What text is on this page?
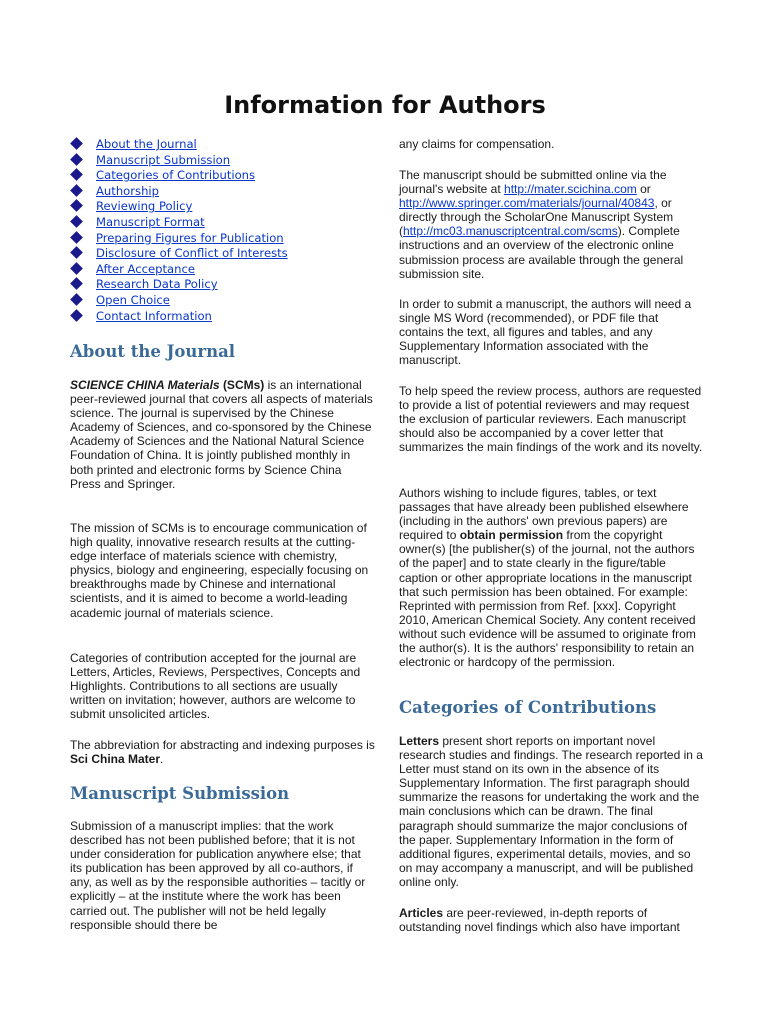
Information for Authors
About the Journal
Manuscript Submission
Categories of Contributions
Authorship
Reviewing Policy
Manuscript Format
Preparing Figures for Publication
Disclosure of Conflict of Interests
After Acceptance
Research Data Policy
Open Choice
Contact Information
About the Journal

SCIENCE CHINA Materials (SCMs) is an international peer-reviewed journal that covers all aspects of materials science. The journal is supervised by the Chinese Academy of Sciences, and co-sponsored by the Chinese Academy of Sciences and the National Natural Science Foundation of China. It is jointly published monthly in both printed and electronic forms by Science China Press and Springer.

The mission of SCMs is to encourage communication of high quality, innovative research results at the cutting-edge interface of materials science with chemistry, physics, biology and engineering, especially focusing on breakthroughs made by Chinese and international scientists, and it is aimed to become a world-leading academic journal of materials science.

Categories of contribution accepted for the journal are Letters, Articles, Reviews, Perspectives, Concepts and Highlights. Contributions to all sections are usually written on invitation; however, authors are welcome to submit unsolicited articles.

The abbreviation for abstracting and indexing purposes is Sci China Mater.

Manuscript Submission

Submission of a manuscript implies: that the work described has not been published before; that it is not under consideration for publication anywhere else; that its publication has been approved by all co-authors, if any, as well as by the responsible authorities – tacitly or explicitly – at the institute where the work has been carried out. The publisher will not be held legally responsible should there be

any claims for compensation.

The manuscript should be submitted online via the journal's website at http://mater.scichina.com or http://www.springer.com/materials/journal/40843, or directly through the ScholarOne Manuscript System (http://mc03.manuscriptcentral.com/scms). Complete instructions and an overview of the electronic online submission process are available through the general submission site.

In order to submit a manuscript, the authors will need a single MS Word (recommended), or PDF file that contains the text, all figures and tables, and any Supplementary Information associated with the manuscript.

To help speed the review process, authors are requested to provide a list of potential reviewers and may request the exclusion of particular reviewers. Each manuscript should also be accompanied by a cover letter that summarizes the main findings of the work and its novelty.

Authors wishing to include figures, tables, or text passages that have already been published elsewhere (including in the authors' own previous papers) are required to obtain permission from the copyright owner(s) [the publisher(s) of the journal, not the authors of the paper] and to state clearly in the figure/table caption or other appropriate locations in the manuscript that such permission has been obtained. For example: Reprinted with permission from Ref. [xxx]. Copyright 2010, American Chemical Society. Any content received without such evidence will be assumed to originate from the author(s). It is the authors' responsibility to retain an electronic or hardcopy of the permission.

Categories of Contributions

Letters present short reports on important novel research studies and findings. The research reported in a Letter must stand on its own in the absence of its Supplementary Information. The first paragraph should summarize the reasons for undertaking the work and the main conclusions which can be drawn. The final paragraph should summarize the major conclusions of the paper. Supplementary Information in the form of additional figures, experimental details, movies, and so on may accompany a manuscript, and will be published online only.

Articles are peer-reviewed, in-depth reports of outstanding novel findings which also have important
